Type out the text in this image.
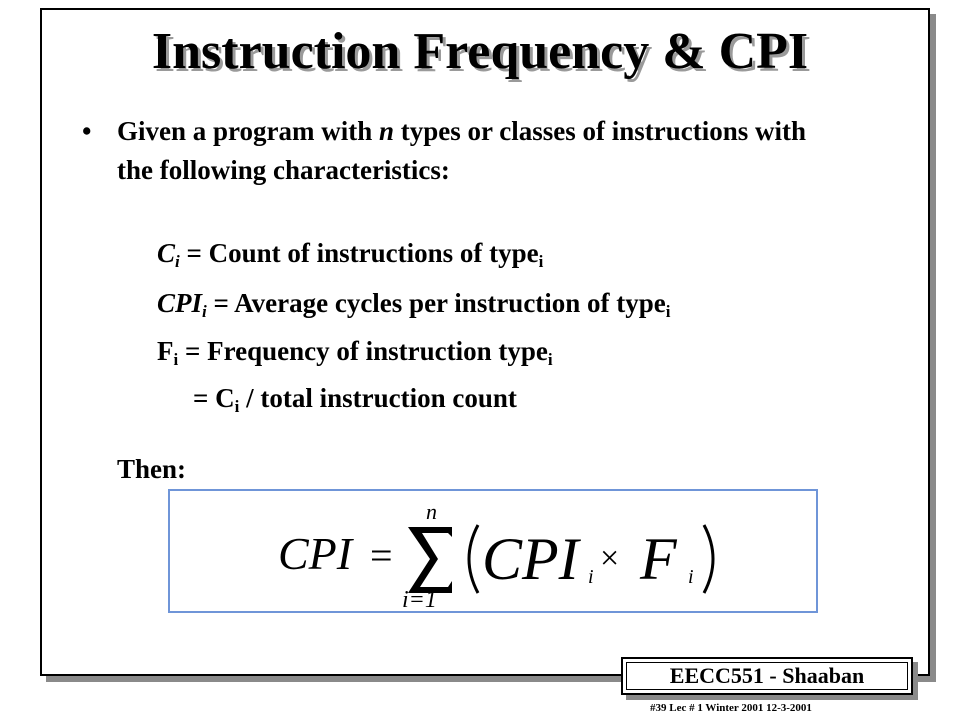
Instruction Frequency & CPI
• Given a program with n types or classes of instructions with the following characteristics:
$C_i$ = Count of instructions of type$_i$
$CPI_i$ = Average cycles per instruction of type$_i$
$F_i$ = Frequency of instruction type$_i$
= $C_i$ / total instruction count
Then:
CPI =
n
i=1
CPI i × F i
EECC551 - Shaaban
#39 Lec # 1 Winter 2001 12-3-2001
